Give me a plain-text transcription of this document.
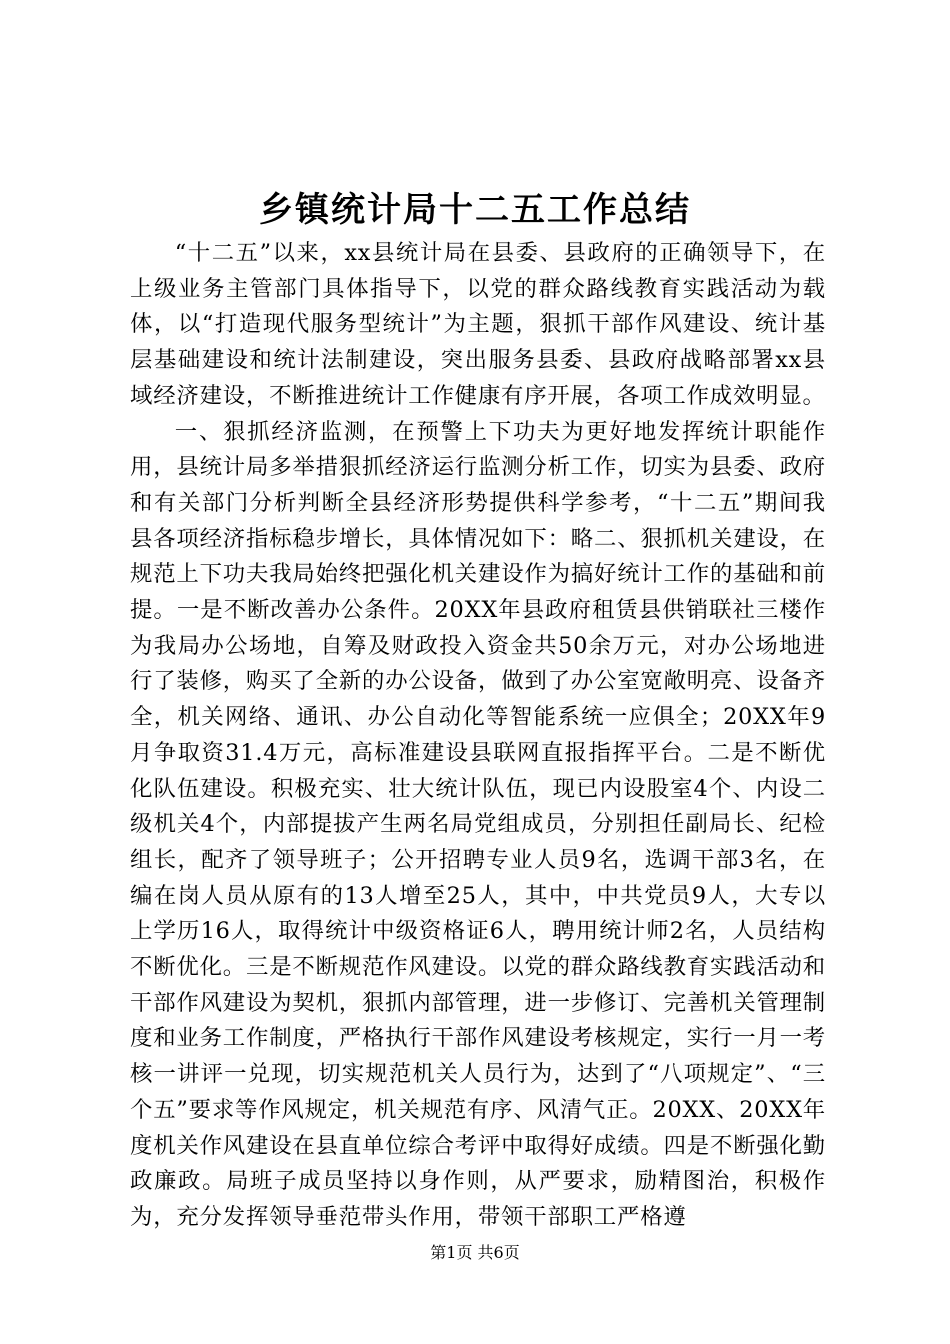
乡镇统计局十二五工作总结

“十二五”以来，xx县统计局在县委、县政府的正确领导下，在上级业务主管部门具体指导下，以党的群众路线教育实践活动为载体，以“打造现代服务型统计”为主题，狠抓干部作风建设、统计基层基础建设和统计法制建设，突出服务县委、县政府战略部署xx县域经济建设，不断推进统计工作健康有序开展，各项工作成效明显。

一、狠抓经济监测，在预警上下功夫为更好地发挥统计职能作用，县统计局多举措狠抓经济运行监测分析工作，切实为县委、政府和有关部门分析判断全县经济形势提供科学参考，“十二五”期间我县各项经济指标稳步增长，具体情况如下：略二、狠抓机关建设，在规范上下功夫我局始终把强化机关建设作为搞好统计工作的基础和前提。一是不断改善办公条件。20XX年县政府租赁县供销联社三楼作为我局办公场地，自筹及财政投入资金共50余万元，对办公场地进行了装修，购买了全新的办公设备，做到了办公室宽敞明亮、设备齐全，机关网络、通讯、办公自动化等智能系统一应俱全；20XX年9月争取资31.4万元，高标准建设县联网直报指挥平台。二是不断优化队伍建设。积极充实、壮大统计队伍，现已内设股室4个、内设二级机关4个，内部提拔产生两名局党组成员，分别担任副局长、纪检组长，配齐了领导班子；公开招聘专业人员9名，选调干部3名，在编在岗人员从原有的13人增至25人，其中，中共党员9人，大专以上学历16人，取得统计中级资格证6人，聘用统计师2名，人员结构不断优化。三是不断规范作风建设。以党的群众路线教育实践活动和干部作风建设为契机，狠抓内部管理，进一步修订、完善机关管理制度和业务工作制度，严格执行干部作风建设考核规定，实行一月一考核一讲评一兑现，切实规范机关人员行为，达到了“八项规定”、“三个五”要求等作风规定，机关规范有序、风清气正。20XX、20XX年度机关作风建设在县直单位综合考评中取得好成绩。四是不断强化勤政廉政。局班子成员坚持以身作则，从严要求，励精图治，积极作为，充分发挥领导垂范带头作用，带领干部职工严格遵

第1页 共6页
